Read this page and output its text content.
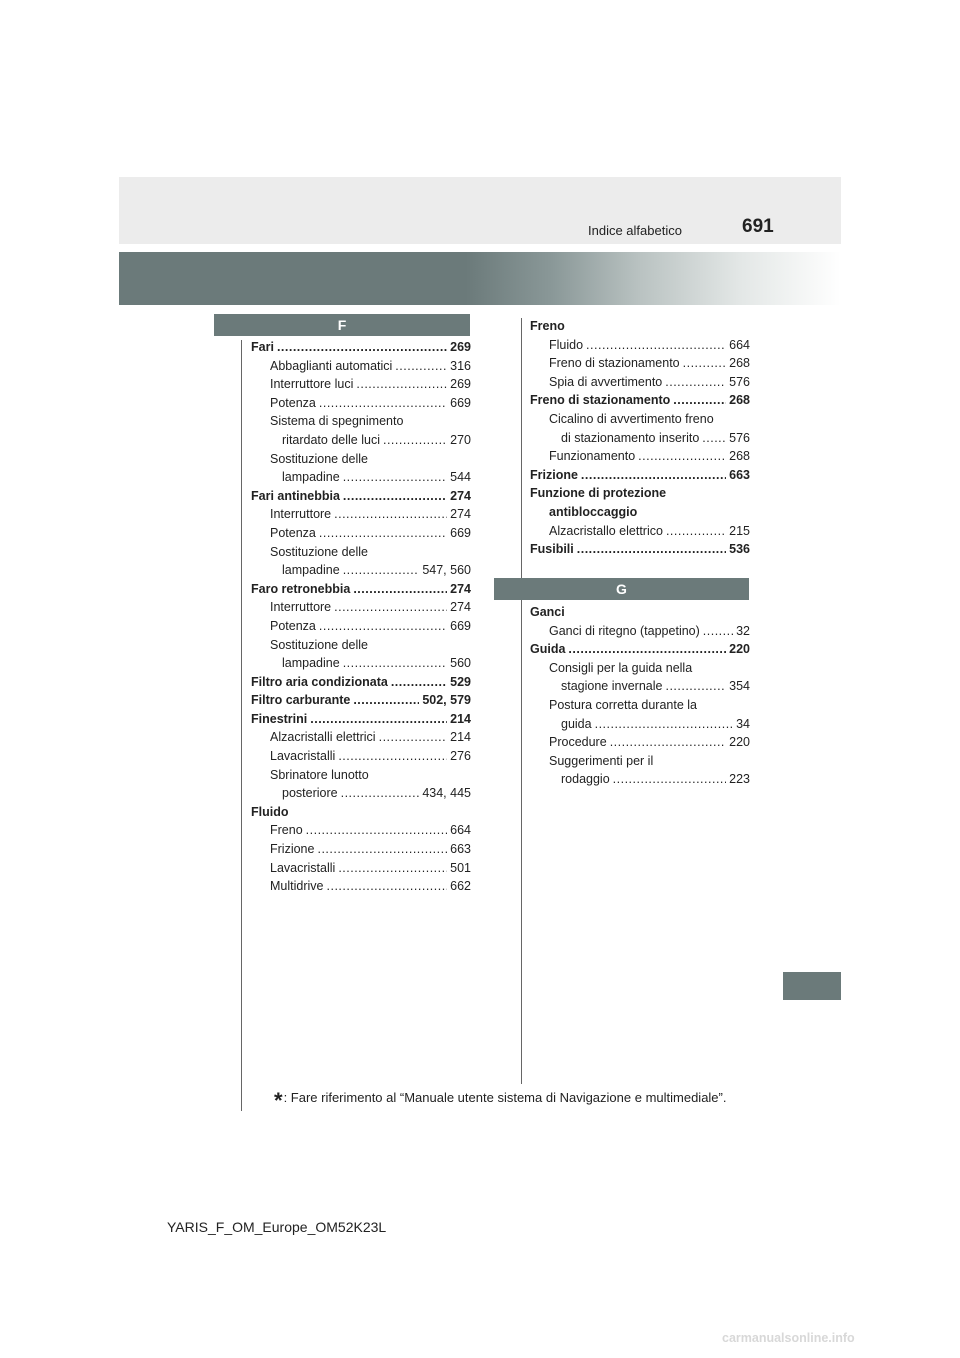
Indice alfabetico	691
F
G
Fari .....	269
Abbaglianti automatici .....	316
Interruttore luci .....	269
Potenza .....	669
Sistema di spegnimento
ritardato delle luci .....	270
Sostituzione delle
lampadine .....	544
Fari antinebbia .....	274
Interruttore .....	274
Potenza .....	669
Sostituzione delle
lampadine .....	547, 560
Faro retronebbia .....	274
Interruttore .....	274
Potenza .....	669
Sostituzione delle
lampadine .....	560
Filtro aria condizionata .....	529
Filtro carburante .....	502, 579
Finestrini .....	214
Alzacristalli elettrici .....	214
Lavacristalli .....	276
Sbrinatore lunotto
posteriore .....	434, 445
Fluido
Freno .....	664
Frizione .....	663
Lavacristalli .....	501
Multidrive .....	662
Freno
Fluido .....	664
Freno di stazionamento .....	268
Spia di avvertimento .....	576
Freno di stazionamento .....	268
Cicalino di avvertimento freno
di stazionamento inserito ..... 576
Funzionamento .....	268
Frizione .....	663
Funzione di protezione
antibloccaggio
Alzacristallo elettrico .....	215
Fusibili .....	536
Ganci
Ganci di ritegno (tappetino) .....	32
Guida .....	220
Consigli per la guida nella
stagione invernale .....	354
Postura corretta durante la
guida .....	34
Procedure .....	220
Suggerimenti per il
rodaggio .....	223
*: Fare riferimento al “Manuale utente sistema di Navigazione e multimediale”.
YARIS_F_OM_Europe_OM52K23L
carmanualsonline.info
